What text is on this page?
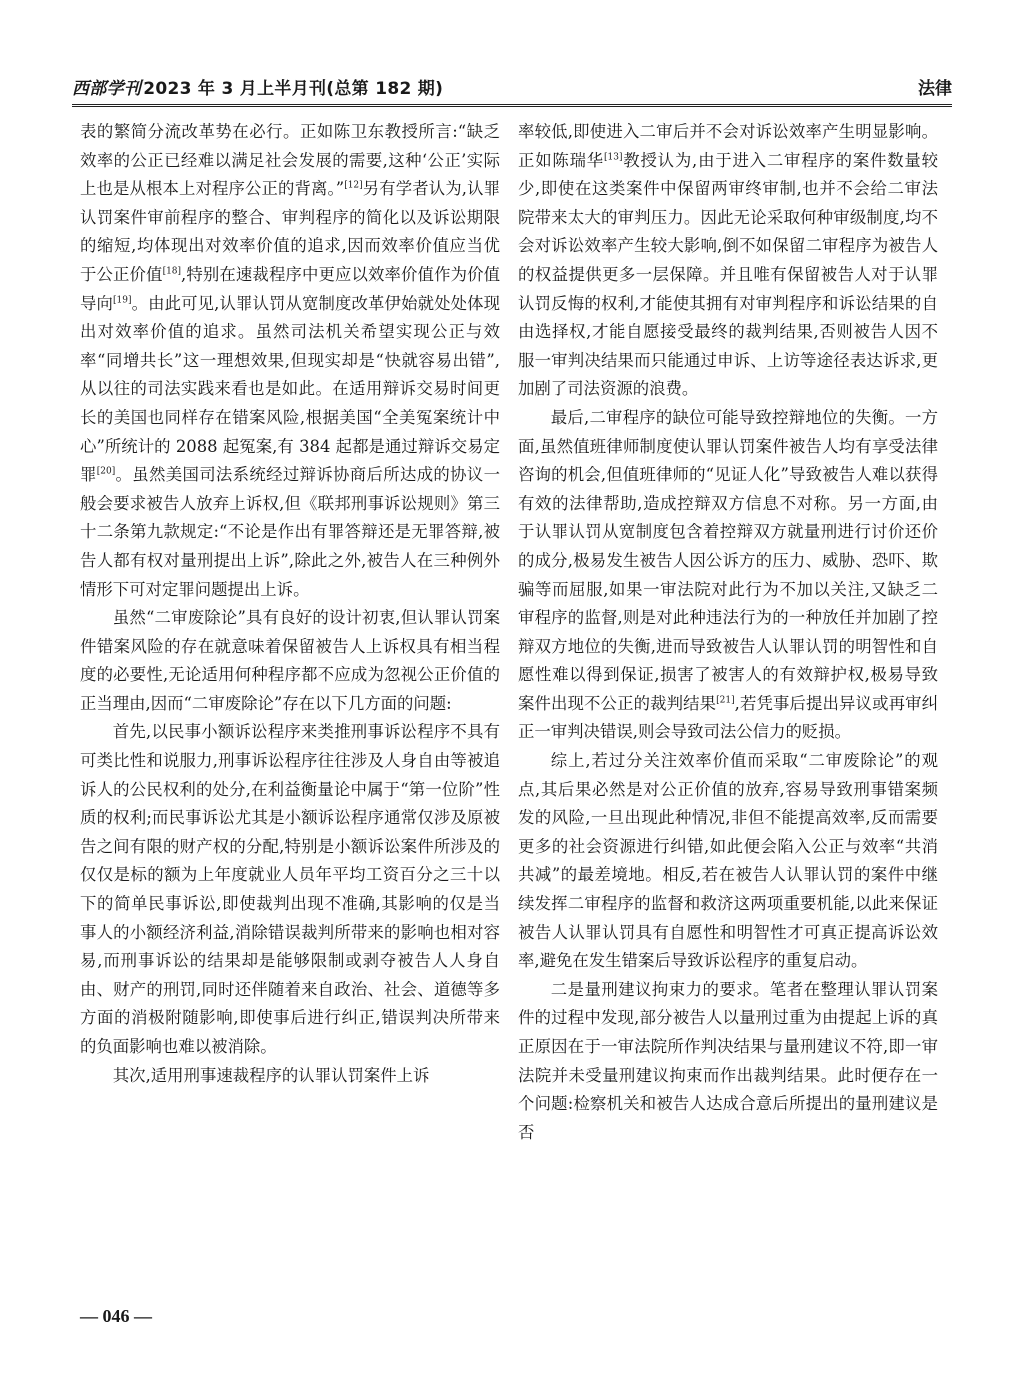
西部学刊 2023 年 3 月上半月刊(总第 182 期)	法律

表的繁简分流改革势在必行。正如陈卫东教授所言:“缺乏效率的公正已经难以满足社会发展的需要,这种‘公正’实际上也是从根本上对程序公正的背离。”[12]另有学者认为,认罪认罚案件审前程序的整合、审判程序的简化以及诉讼期限的缩短,均体现出对效率价值的追求,因而效率价值应当优于公正价值[18],特别在速裁程序中更应以效率价值作为价值导向[19]。由此可见,认罪认罚从宽制度改革伊始就处处体现出对效率价值的追求。虽然司法机关希望实现公正与效率“同增共长”这一理想效果,但现实却是“快就容易出错”,从以往的司法实践来看也是如此。在适用辩诉交易时间更长的美国也同样存在错案风险,根据美国“全美冤案统计中心”所统计的 2088 起冤案,有 384 起都是通过辩诉交易定罪[20]。虽然美国司法系统经过辩诉协商后所达成的协议一般会要求被告人放弃上诉权,但《联邦刑事诉讼规则》第三十二条第九款规定:“不论是作出有罪答辩还是无罪答辩,被告人都有权对量刑提出上诉”,除此之外,被告人在三种例外情形下可对定罪问题提出上诉。

虽然“二审废除论”具有良好的设计初衷,但认罪认罚案件错案风险的存在就意味着保留被告人上诉权具有相当程度的必要性,无论适用何种程序都不应成为忽视公正价值的正当理由,因而“二审废除论”存在以下几方面的问题:

首先,以民事小额诉讼程序来类推刑事诉讼程序不具有可类比性和说服力,刑事诉讼程序往往涉及人身自由等被追诉人的公民权利的处分,在利益衡量论中属于“第一位阶”性质的权利;而民事诉讼尤其是小额诉讼程序通常仅涉及原被告之间有限的财产权的分配,特别是小额诉讼案件所涉及的仅仅是标的额为上年度就业人员年平均工资百分之三十以下的简单民事诉讼,即使裁判出现不准确,其影响的仅是当事人的小额经济利益,消除错误裁判所带来的影响也相对容易,而刑事诉讼的结果却是能够限制或剥夺被告人人身自由、财产的刑罚,同时还伴随着来自政治、社会、道德等多方面的消极附随影响,即使事后进行纠正,错误判决所带来的负面影响也难以被消除。

其次,适用刑事速裁程序的认罪认罚案件上诉

率较低,即使进入二审后并不会对诉讼效率产生明显影响。正如陈瑞华[13]教授认为,由于进入二审程序的案件数量较少,即使在这类案件中保留两审终审制,也并不会给二审法院带来太大的审判压力。因此无论采取何种审级制度,均不会对诉讼效率产生较大影响,倒不如保留二审程序为被告人的权益提供更多一层保障。并且唯有保留被告人对于认罪认罚反悔的权利,才能使其拥有对审判程序和诉讼结果的自由选择权,才能自愿接受最终的裁判结果,否则被告人因不服一审判决结果而只能通过申诉、上访等途径表达诉求,更加剧了司法资源的浪费。

最后,二审程序的缺位可能导致控辩地位的失衡。一方面,虽然值班律师制度使认罪认罚案件被告人均有享受法律咨询的机会,但值班律师的“见证人化”导致被告人难以获得有效的法律帮助,造成控辩双方信息不对称。另一方面,由于认罪认罚从宽制度包含着控辩双方就量刑进行讨价还价的成分,极易发生被告人因公诉方的压力、威胁、恐吓、欺骗等而屈服,如果一审法院对此行为不加以关注,又缺乏二审程序的监督,则是对此种违法行为的一种放任并加剧了控辩双方地位的失衡,进而导致被告人认罪认罚的明智性和自愿性难以得到保证,损害了被害人的有效辩护权,极易导致案件出现不公正的裁判结果[21],若凭事后提出异议或再审纠正一审判决错误,则会导致司法公信力的贬损。

综上,若过分关注效率价值而采取“二审废除论”的观点,其后果必然是对公正价值的放弃,容易导致刑事错案频发的风险,一旦出现此种情况,非但不能提高效率,反而需要更多的社会资源进行纠错,如此便会陷入公正与效率“共消共减”的最差境地。相反,若在被告人认罪认罚的案件中继续发挥二审程序的监督和救济这两项重要机能,以此来保证被告人认罪认罚具有自愿性和明智性才可真正提高诉讼效率,避免在发生错案后导致诉讼程序的重复启动。

二是量刑建议拘束力的要求。笔者在整理认罪认罚案件的过程中发现,部分被告人以量刑过重为由提起上诉的真正原因在于一审法院所作判决结果与量刑建议不符,即一审法院并未受量刑建议拘束而作出裁判结果。此时便存在一个问题:检察机关和被告人达成合意后所提出的量刑建议是否

— 046 —
